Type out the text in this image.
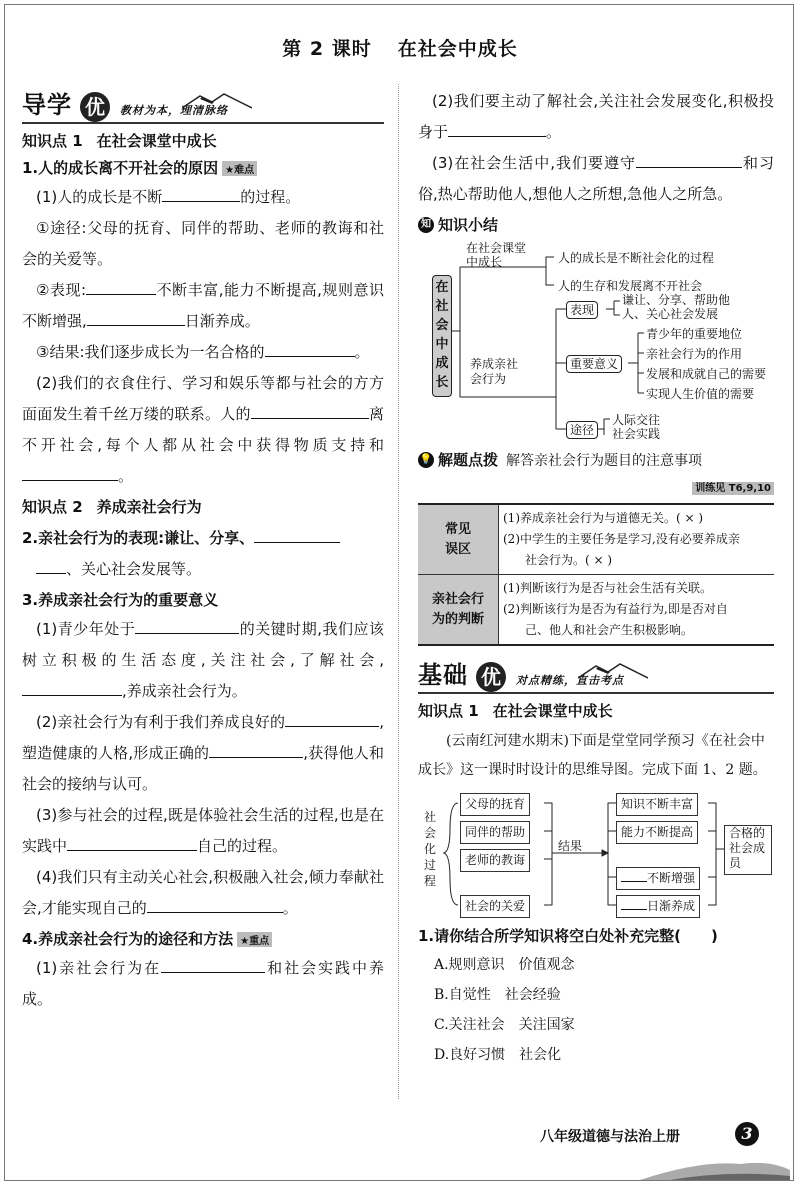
第 2 课时 在社会中成长
导学 优	教材为本，理清脉络
知识点 1 在社会课堂中成长
1.人的成长离不开社会的原因 ★难点
(1)人的成长是不断	的过程。
①途径:父母的抚育、同伴的帮助、老师的教诲和社会的关爱等。
②表现:	不断丰富,能力不断提高,规则意识不断增强,	日渐养成。
③结果:我们逐步成长为一名合格的	。
(2)我们的衣食住行、学习和娱乐等都与社会的方方面面发生着千丝万缕的联系。人的	离不开社会,每个人都从社会中获得物质支持和。
知识点 2 养成亲社会行为
2.亲社会行为的表现:谦让、分享、、关心社会发展等。
3.养成亲社会行为的重要意义
(1)青少年处于	的关键时期,我们应该树立积极的生活态度,关注社会,了解社会,,养成亲社会行为。
(2)亲社会行为有利于我们养成良好的	,塑造健康的人格,形成正确的	,获得他人和社会的接纳与认可。
(3)参与社会的过程,既是体验社会生活的过程,也是在实践中	自己的过程。
(4)我们只有主动关心社会,积极融入社会,倾力奉献社会,才能实现自己的	。
4.养成亲社会行为的途径和方法 ★重点
(1)亲社会行为在	和社会实践中养成。
(2)我们要主动了解社会,关注社会发展变化,积极投身于	。
(3)在社会生活中,我们要遵守	和习俗,热心帮助他人,想他人之所想,急他人之所急。
知 知识小结
在社会中成长
在社会课堂中成长	人的成长是不断社会化的过程
人的生存和发展离不开社会
养成亲社会行为
表现
谦让、分享、帮助他人、关心社会发展
重要意义
青少年的重要地位
亲社会行为的作用
发展和成就自己的需要
实现人生价值的需要
途径
人际交往
社会实践
💡 解题点拨 解答亲社会行为题目的注意事项
训练见 T6,9,10
常见误区	(1)养成亲社会行为与道德无关。( × )
(2)中学生的主要任务是学习,没有必要养成亲
社会行为。( × )

亲社会行为的判断	(1)判断该行为是否与社会生活有关联。
(2)判断该行为是否为有益行为,即是否对自
己、他人和社会产生积极影响。
基础 优	对点精练，直击考点
知识点 1 在社会课堂中成长
(云南红河建水期末)下面是堂堂同学预习《在社会中成长》这一课时时设计的思维导图。完成下面 1、2 题。
社会化过程
父母的抚育
同伴的帮助
老师的教诲
社会的关爱
结果
知识不断丰富
能力不断提高
不断增强
日渐养成
合格的社会成员
1.请你结合所学知识将空白处补充完整(　　)
A.规则意识　价值观念
B.自觉性　社会经验
C.关注社会　关注国家
D.良好习惯　社会化
八年级道德与法治上册	3
